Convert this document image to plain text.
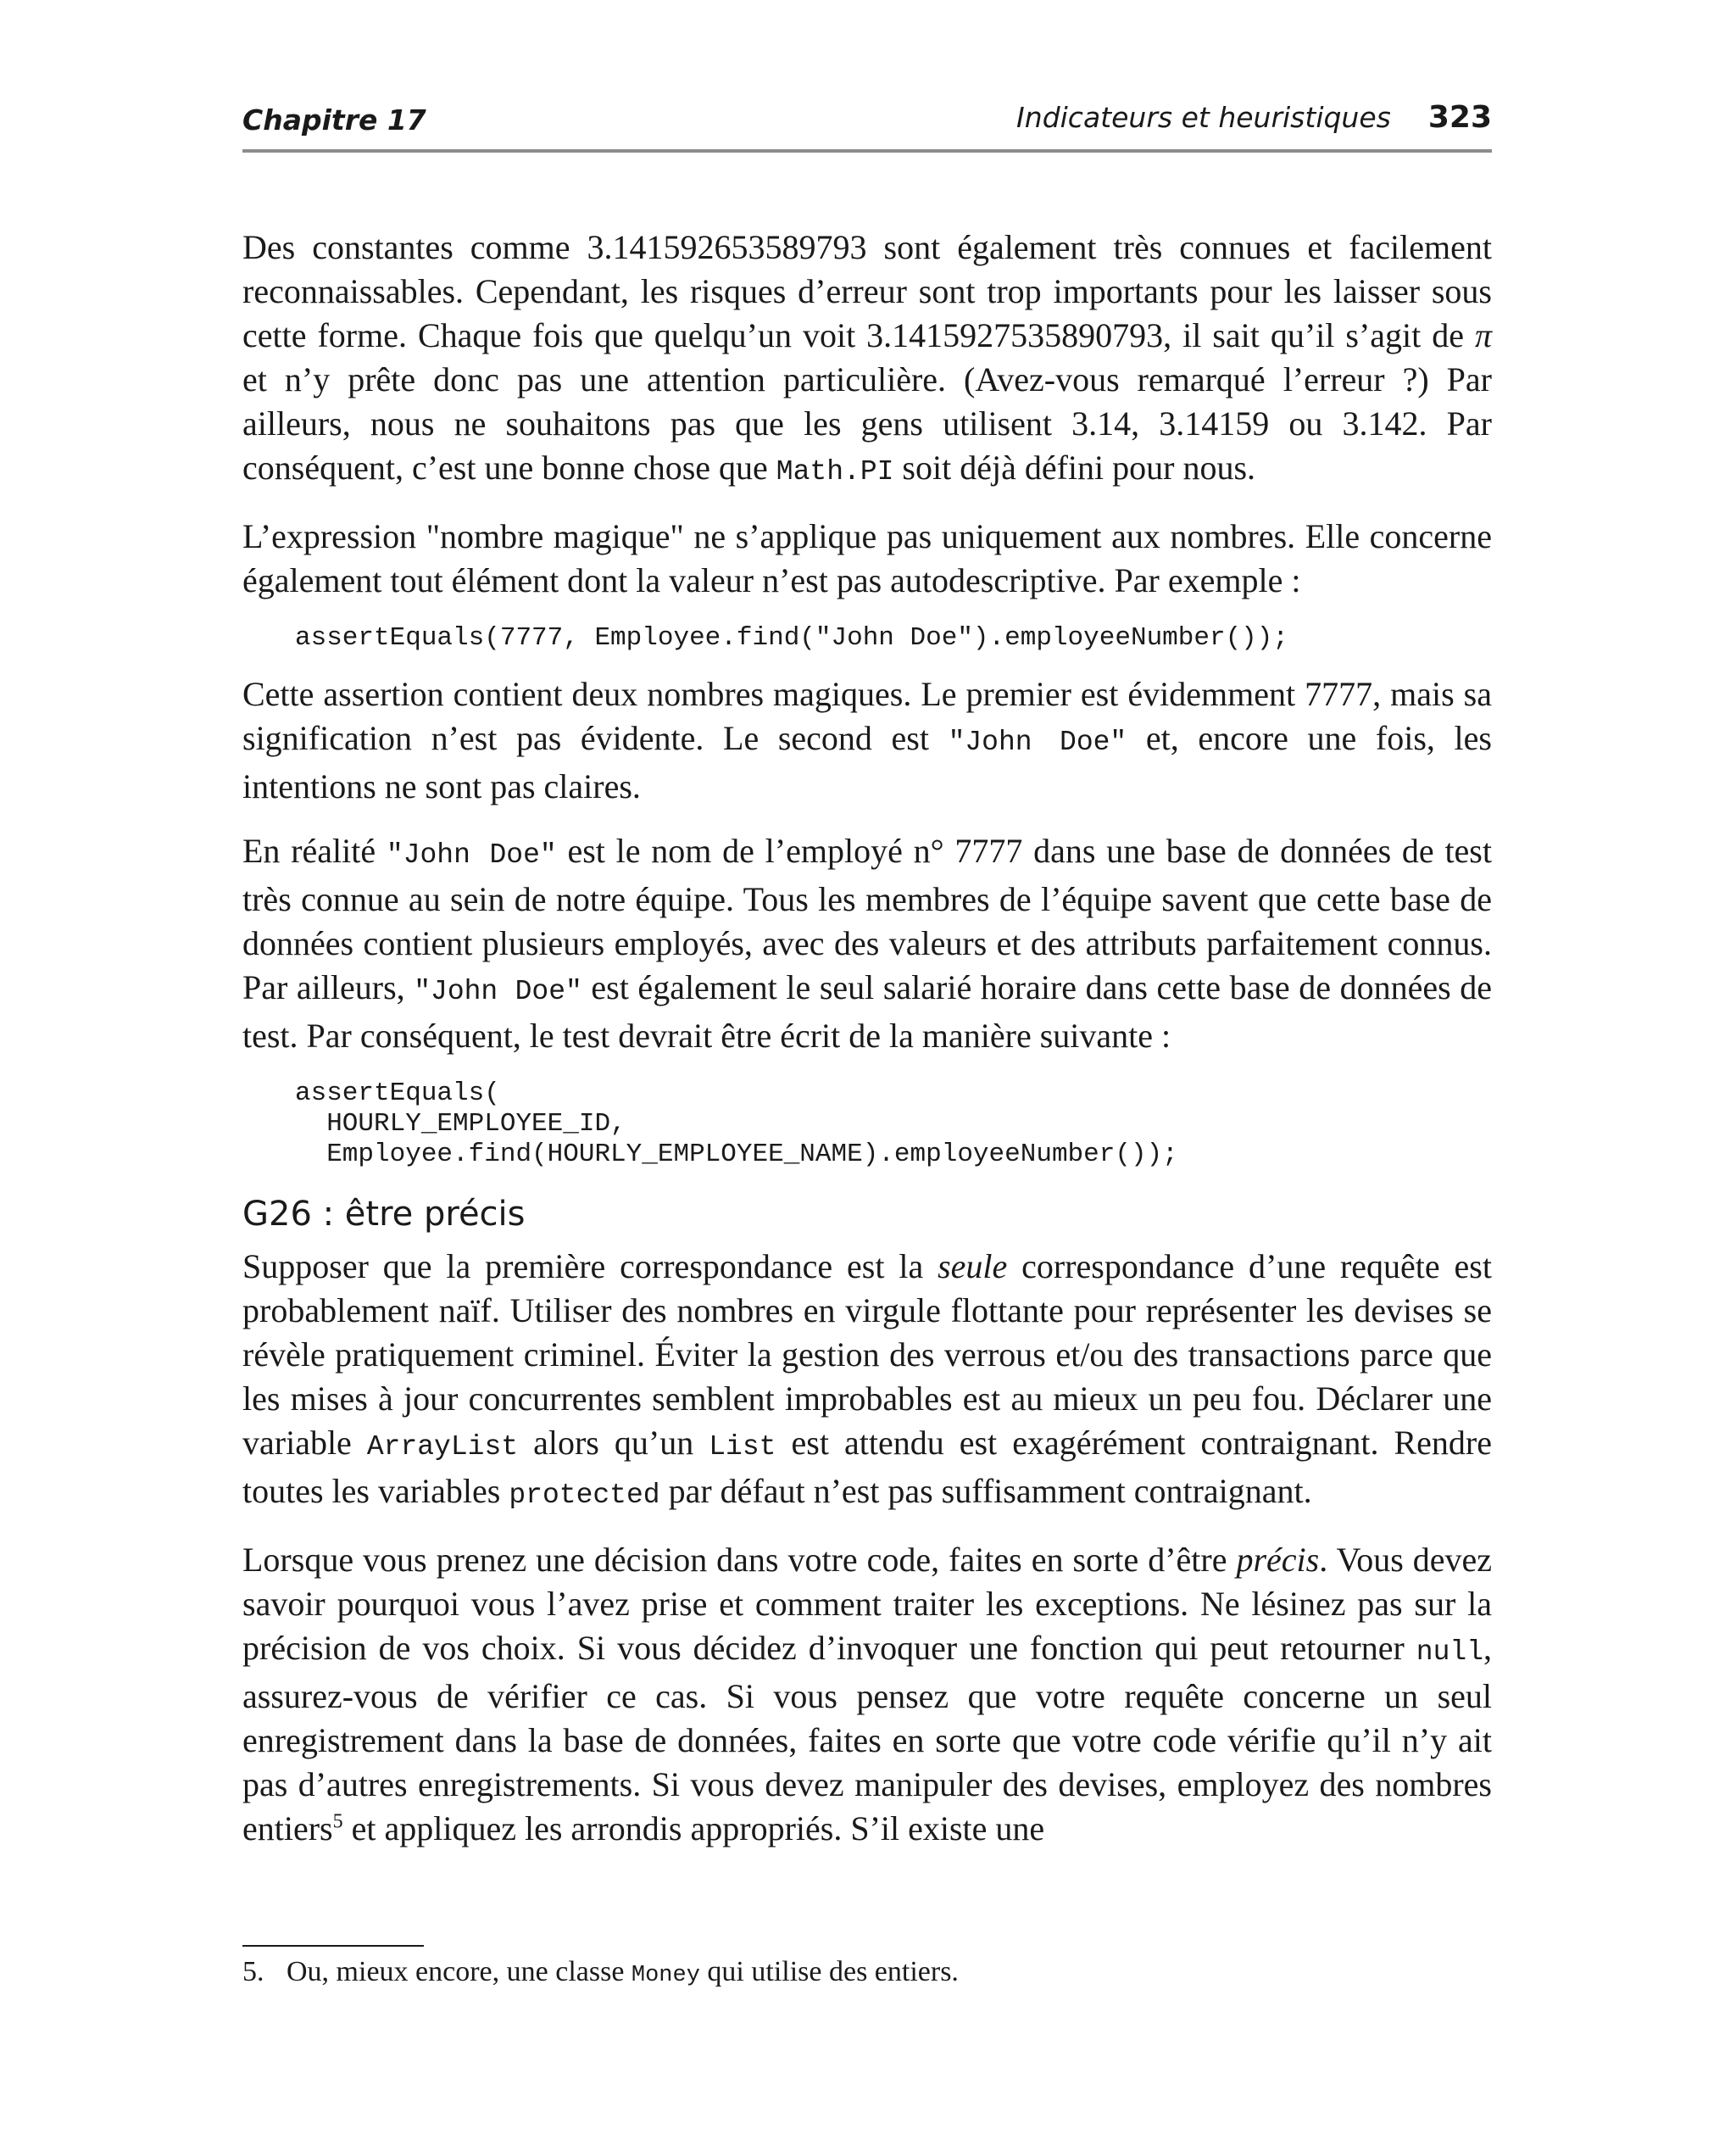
Chapitre 17	Indicateurs et heuristiques 323

Des constantes comme 3.141592653589793 sont également très connues et facilement reconnaissables. Cependant, les risques d’erreur sont trop importants pour les laisser sous cette forme. Chaque fois que quelqu’un voit 3.1415927535890793, il sait qu’il s’agit de π et n’y prête donc pas une attention particulière. (Avez-vous remarqué l’erreur ?) Par ailleurs, nous ne souhaitons pas que les gens utilisent 3.14, 3.14159 ou 3.142. Par conséquent, c’est une bonne chose que Math.PI soit déjà défini pour nous.

L’expression "nombre magique" ne s’applique pas uniquement aux nombres. Elle concerne également tout élément dont la valeur n’est pas autodescriptive. Par exemple :

assertEquals(7777, Employee.find("John Doe").employeeNumber());

Cette assertion contient deux nombres magiques. Le premier est évidemment 7777, mais sa signification n’est pas évidente. Le second est "John Doe" et, encore une fois, les intentions ne sont pas claires.

En réalité "John Doe" est le nom de l’employé n° 7777 dans une base de données de test très connue au sein de notre équipe. Tous les membres de l’équipe savent que cette base de données contient plusieurs employés, avec des valeurs et des attributs parfaitement connus. Par ailleurs, "John Doe" est également le seul salarié horaire dans cette base de données de test. Par conséquent, le test devrait être écrit de la manière suivante :

assertEquals(
HOURLY_EMPLOYEE_ID,
Employee.find(HOURLY_EMPLOYEE_NAME).employeeNumber());
G26 : être précis

Supposer que la première correspondance est la seule correspondance d’une requête est probablement naïf. Utiliser des nombres en virgule flottante pour représenter les devises se révèle pratiquement criminel. Éviter la gestion des verrous et/ou des transactions parce que les mises à jour concurrentes semblent improbables est au mieux un peu fou. Déclarer une variable ArrayList alors qu’un List est attendu est exagérément contraignant. Rendre toutes les variables protected par défaut n’est pas suffisamment contraignant.

Lorsque vous prenez une décision dans votre code, faites en sorte d’être précis. Vous devez savoir pourquoi vous l’avez prise et comment traiter les exceptions. Ne lésinez pas sur la précision de vos choix. Si vous décidez d’invoquer une fonction qui peut retourner null, assurez-vous de vérifier ce cas. Si vous pensez que votre requête concerne un seul enregistrement dans la base de données, faites en sorte que votre code vérifie qu’il n’y ait pas d’autres enregistrements. Si vous devez manipuler des devises, employez des nombres entiers$^5$ et appliquez les arrondis appropriés. S’il existe une

5. Ou, mieux encore, une classe Money qui utilise des entiers.
